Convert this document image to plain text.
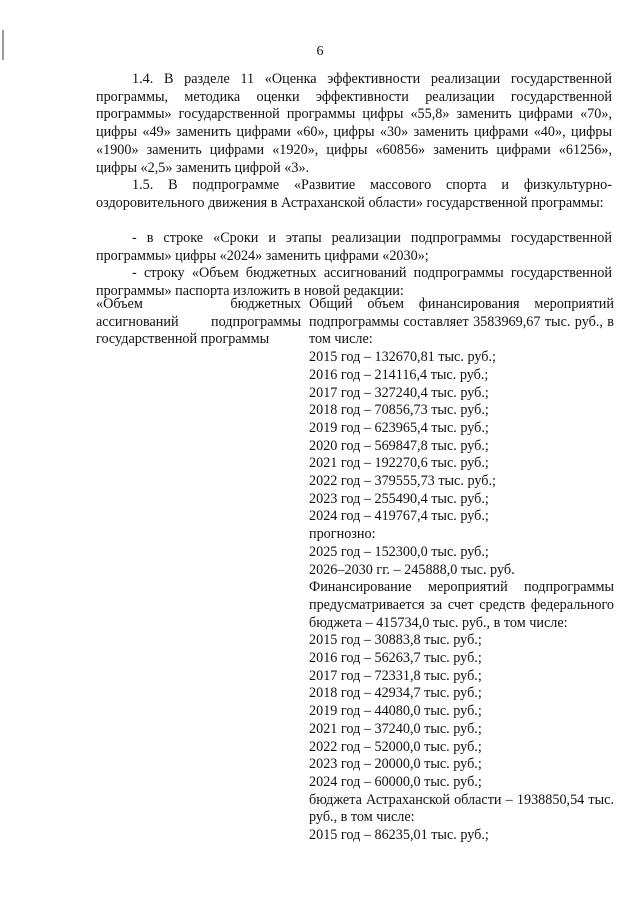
6

1.4. В разделе 11 «Оценка эффективности реализации государственной программы, методика оценки эффективности реализации государственной программы» государственной программы цифры «55,8» заменить цифрами «70», цифры «49» заменить цифрами «60», цифры «30» заменить цифрами «40», цифры «1900» заменить цифрами «1920», цифры «60856» заменить цифрами «61256», цифры «2,5» заменить цифрой «3».

1.5. В подпрограмме «Развитие массового спорта и физкультурно-оздоровительного движения в Астраханской области» государственной программы:

- в строке «Сроки и этапы реализации подпрограммы государственной программы» цифры «2024» заменить цифрами «2030»;

- строку «Объем бюджетных ассигнований подпрограммы государственной программы» паспорта изложить в новой редакции:

«Объем бюджетных ассигнований подпрограммы государственной программы

Общий объем финансирования мероприятий подпрограммы составляет 3583969,67 тыс. руб., в том числе:
2015 год – 132670,81 тыс. руб.;
2016 год – 214116,4 тыс. руб.;
2017 год – 327240,4 тыс. руб.;
2018 год – 70856,73 тыс. руб.;
2019 год – 623965,4 тыс. руб.;
2020 год – 569847,8 тыс. руб.;
2021 год – 192270,6 тыс. руб.;
2022 год – 379555,73 тыс. руб.;
2023 год – 255490,4 тыс. руб.;
2024 год – 419767,4 тыс. руб.;
прогнозно:
2025 год – 152300,0 тыс. руб.;
2026–2030 гг. – 245888,0 тыс. руб.
Финансирование мероприятий подпрограммы предусматривается за счет средств федерального бюджета – 415734,0 тыс. руб., в том числе:
2015 год – 30883,8 тыс. руб.;
2016 год – 56263,7 тыс. руб.;
2017 год – 72331,8 тыс. руб.;
2018 год – 42934,7 тыс. руб.;
2019 год – 44080,0 тыс. руб.;
2021 год – 37240,0 тыс. руб.;
2022 год – 52000,0 тыс. руб.;
2023 год – 20000,0 тыс. руб.;
2024 год – 60000,0 тыс. руб.;
бюджета Астраханской области – 1938850,54 тыс. руб., в том числе:
2015 год – 86235,01 тыс. руб.;
